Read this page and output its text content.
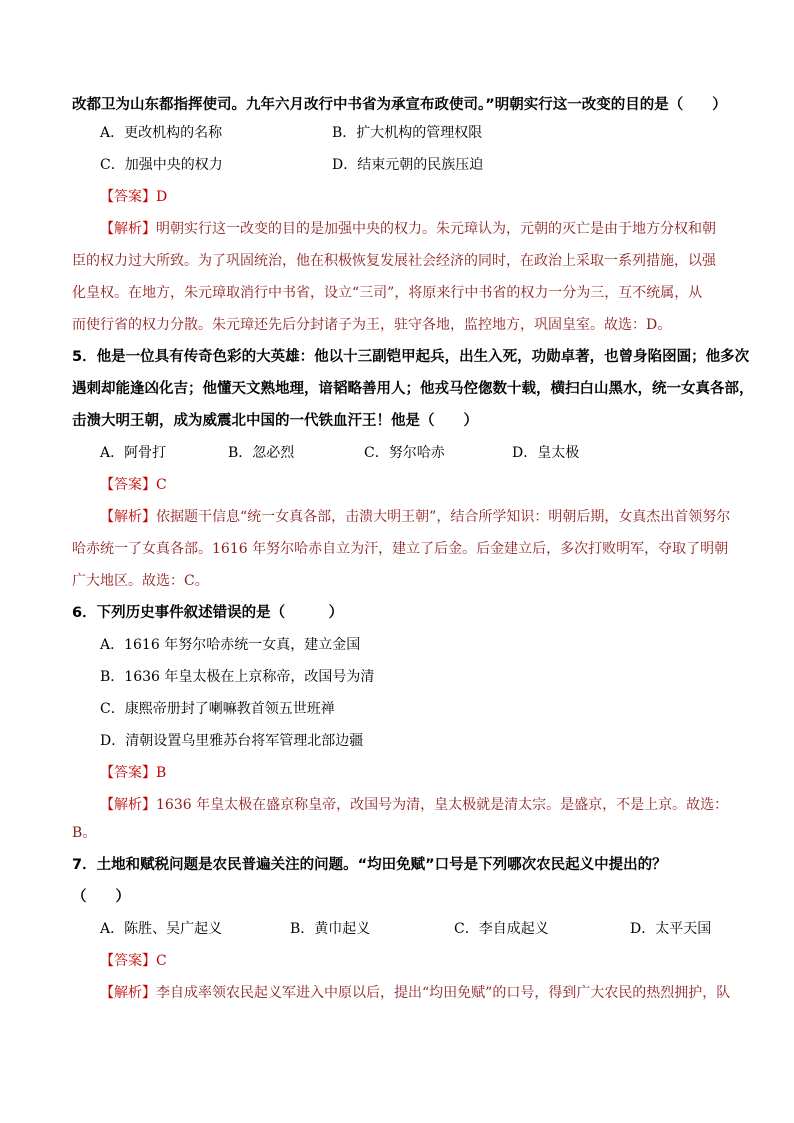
改都卫为山东都指挥使司。九年六月改行中书省为承宣布政使司。”明朝实行这一改变的目的是（　　）
A．更改机构的名称	B．扩大机构的管理权限
C．加强中央的权力	D．结束元朝的民族压迫
【答案】D
【解析】明朝实行这一改变的目的是加强中央的权力。朱元璋认为，元朝的灭亡是由于地方分权和朝
臣的权力过大所致。为了巩固统治，他在积极恢复发展社会经济的同时，在政治上采取一系列措施，以强
化皇权。在地方，朱元璋取消行中书省，设立“三司”，将原来行中书省的权力一分为三，互不统属，从
而使行省的权力分散。朱元璋还先后分封诸子为王，驻守各地，监控地方，巩固皇室。故选：D。
5．他是一位具有传奇色彩的大英雄：他以十三副铠甲起兵，出生入死，功勋卓著，也曾身陷囹圄；他多次
遇刺却能逢凶化吉；他懂天文熟地理，谙韬略善用人；他戎马倥偬数十载，横扫白山黑水，统一女真各部，
击溃大明王朝，成为威震北中国的一代铁血汗王！他是（　　）
A．阿骨打	B．忽必烈	C．努尔哈赤	D．皇太极
【答案】C
【解析】依据题干信息“统一女真各部，击溃大明王朝”，结合所学知识：明朝后期，女真杰出首领努尔
哈赤统一了女真各部。1616 年努尔哈赤自立为汗，建立了后金。后金建立后，多次打败明军，夺取了明朝
广大地区。故选：C。
6．下列历史事件叙述错误的是（　　　）
A．1616 年努尔哈赤统一女真，建立金国
B．1636 年皇太极在上京称帝，改国号为清
C．康熙帝册封了喇嘛教首领五世班禅
D．清朝设置乌里雅苏台将军管理北部边疆
【答案】B
【解析】1636 年皇太极在盛京称皇帝，改国号为清，皇太极就是清太宗。是盛京，不是上京。故选：
B。
7．土地和赋税问题是农民普遍关注的问题。“均田免赋”口号是下列哪次农民起义中提出的？
（　　）
A．陈胜、吴广起义	B．黄巾起义	C．李自成起义	D．太平天国
【答案】C
【解析】李自成率领农民起义军进入中原以后，提出“均田免赋”的口号，得到广大农民的热烈拥护，队
